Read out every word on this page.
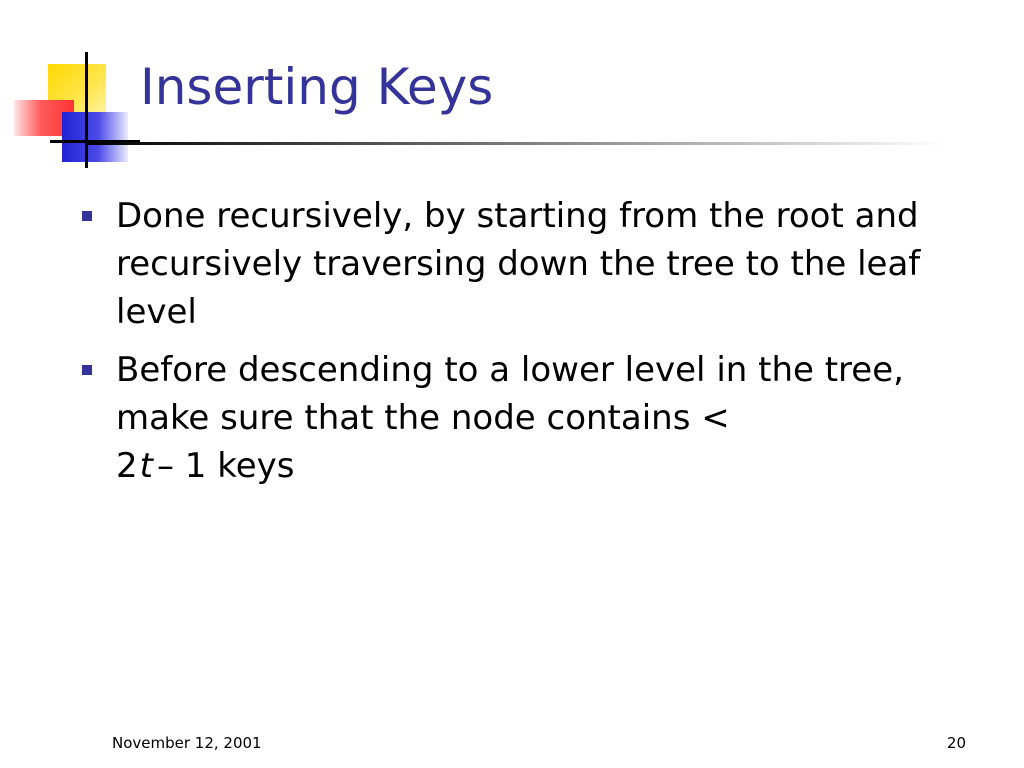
Inserting Keys
Done recursively, by starting from the root and recursively traversing down the tree to the leaf level
Before descending to a lower level in the tree, make sure that the node contains <
2t – 1 keys
November 12, 2001	20
